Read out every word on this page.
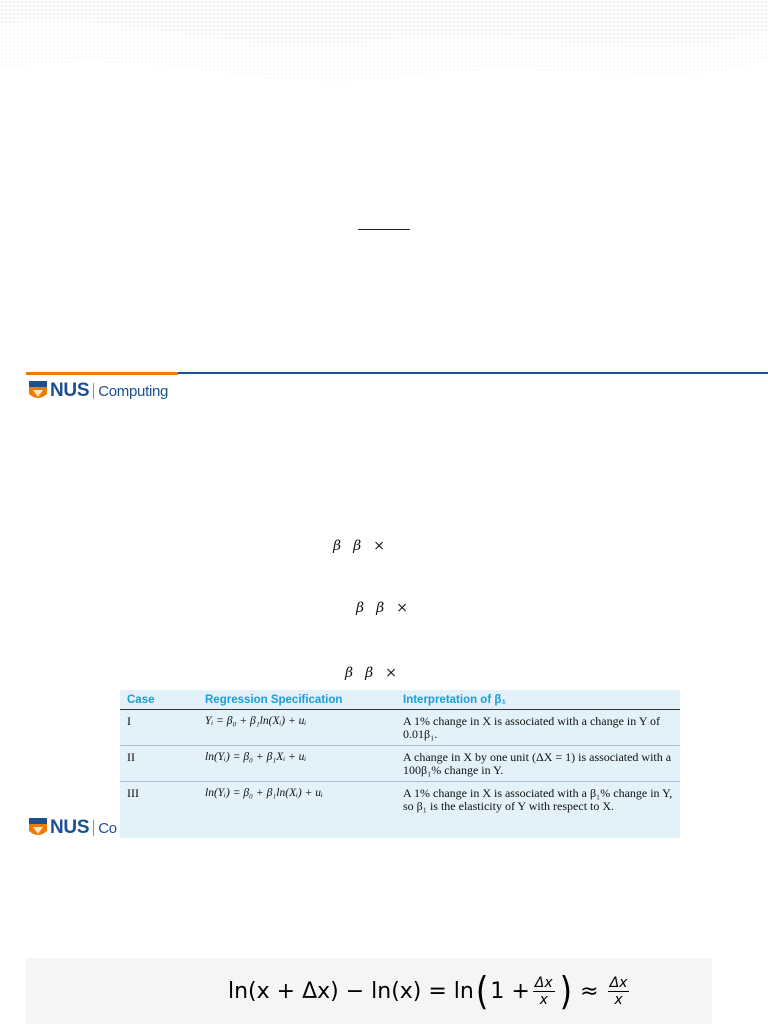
NUS Computing
β β ×
β β ×
β β ×
NUS Co
Case	Regression Specification	Interpretation of β₁
I	Yᵢ = β₀ + β₁ln(Xᵢ) + uᵢ	A 1% change in X is associated with a change in Y of 0.01β₁.
II	ln(Yᵢ) = β₀ + β₁Xᵢ + uᵢ	A change in X by one unit (ΔX = 1) is associated with a 100β₁% change in Y.
III	ln(Yᵢ) = β₀ + β₁ln(Xᵢ) + uᵢ	A 1% change in X is associated with a β₁% change in Y, so β₁ is the elasticity of Y with respect to X.
ln(x + Δx) − ln(x) = ln ( $1 + \frac{\Delta x}{x}$ ) ≈ $\frac{\Delta x}{x}$
